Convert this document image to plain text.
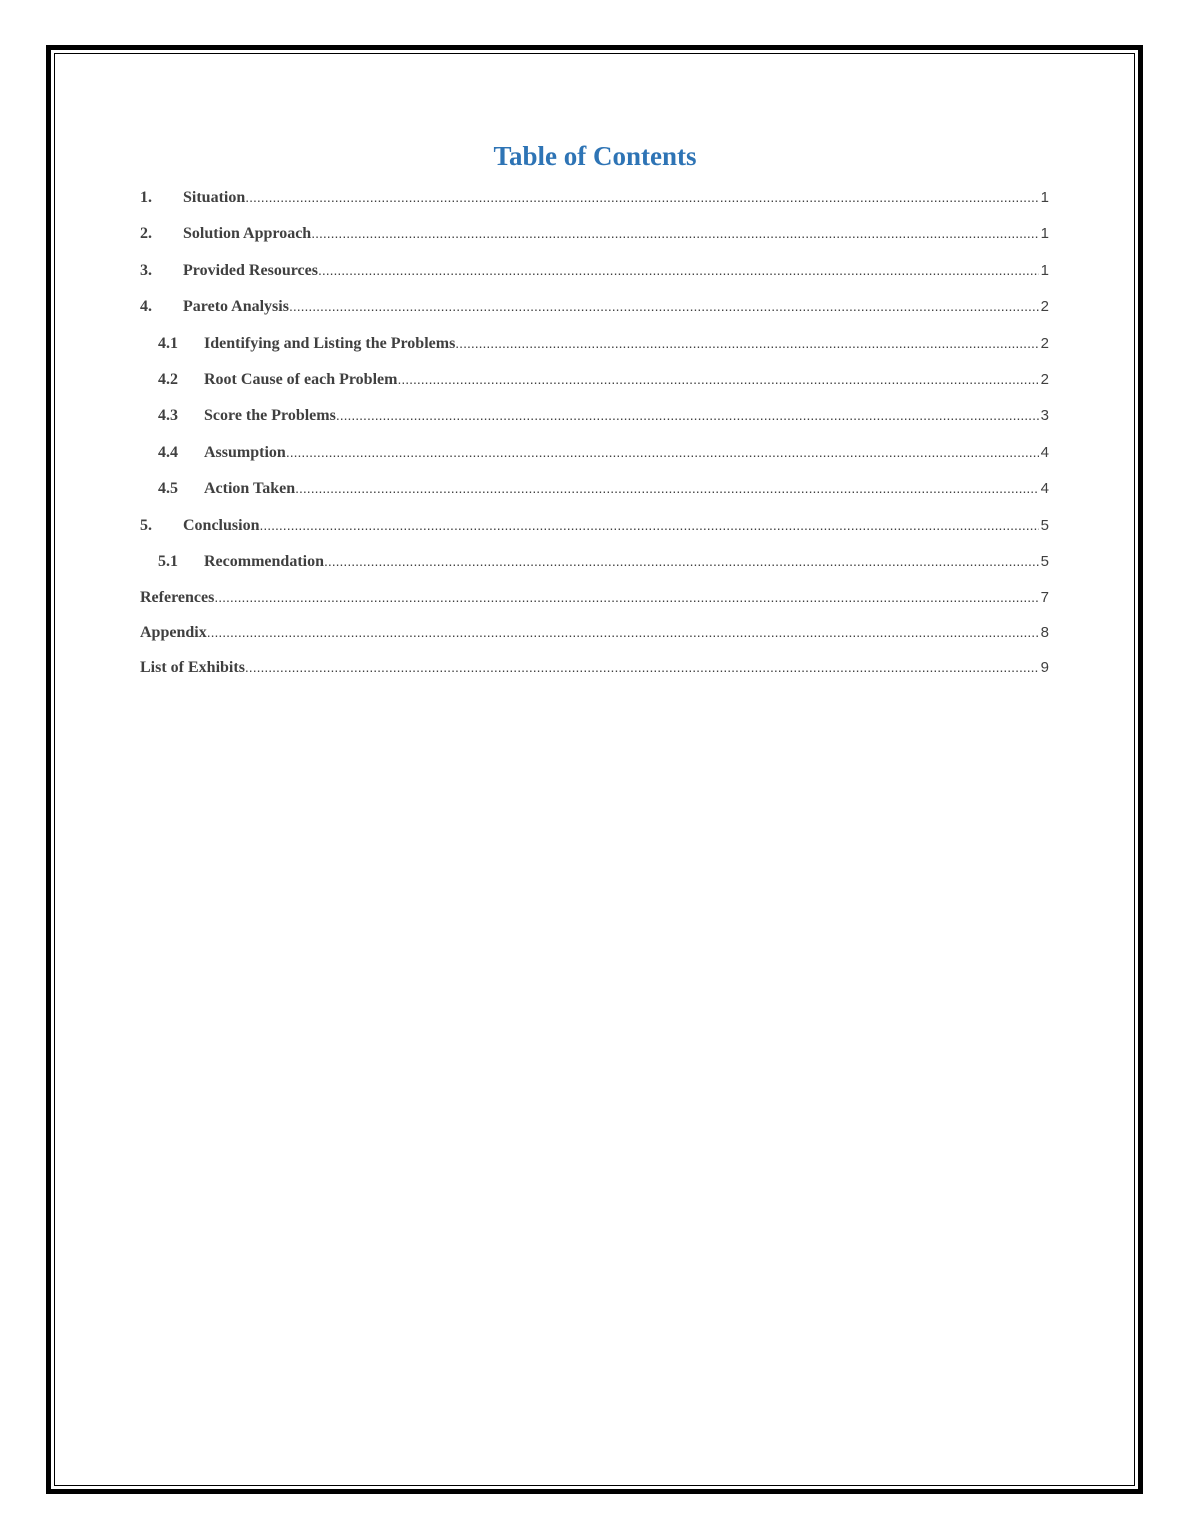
Table of Contents
1.	Situation .....	1
2.	Solution Approach .....	1
3.	Provided Resources .....	1
4.	Pareto Analysis .....	2
4.1	Identifying and Listing the Problems .....	2
4.2	Root Cause of each Problem .....	2
4.3	Score the Problems .....	3
4.4	Assumption .....	4
4.5	Action Taken .....	4
5.	Conclusion .....	5
5.1	Recommendation .....	5
References .....	7
Appendix .....	8
List of Exhibits .....	9
